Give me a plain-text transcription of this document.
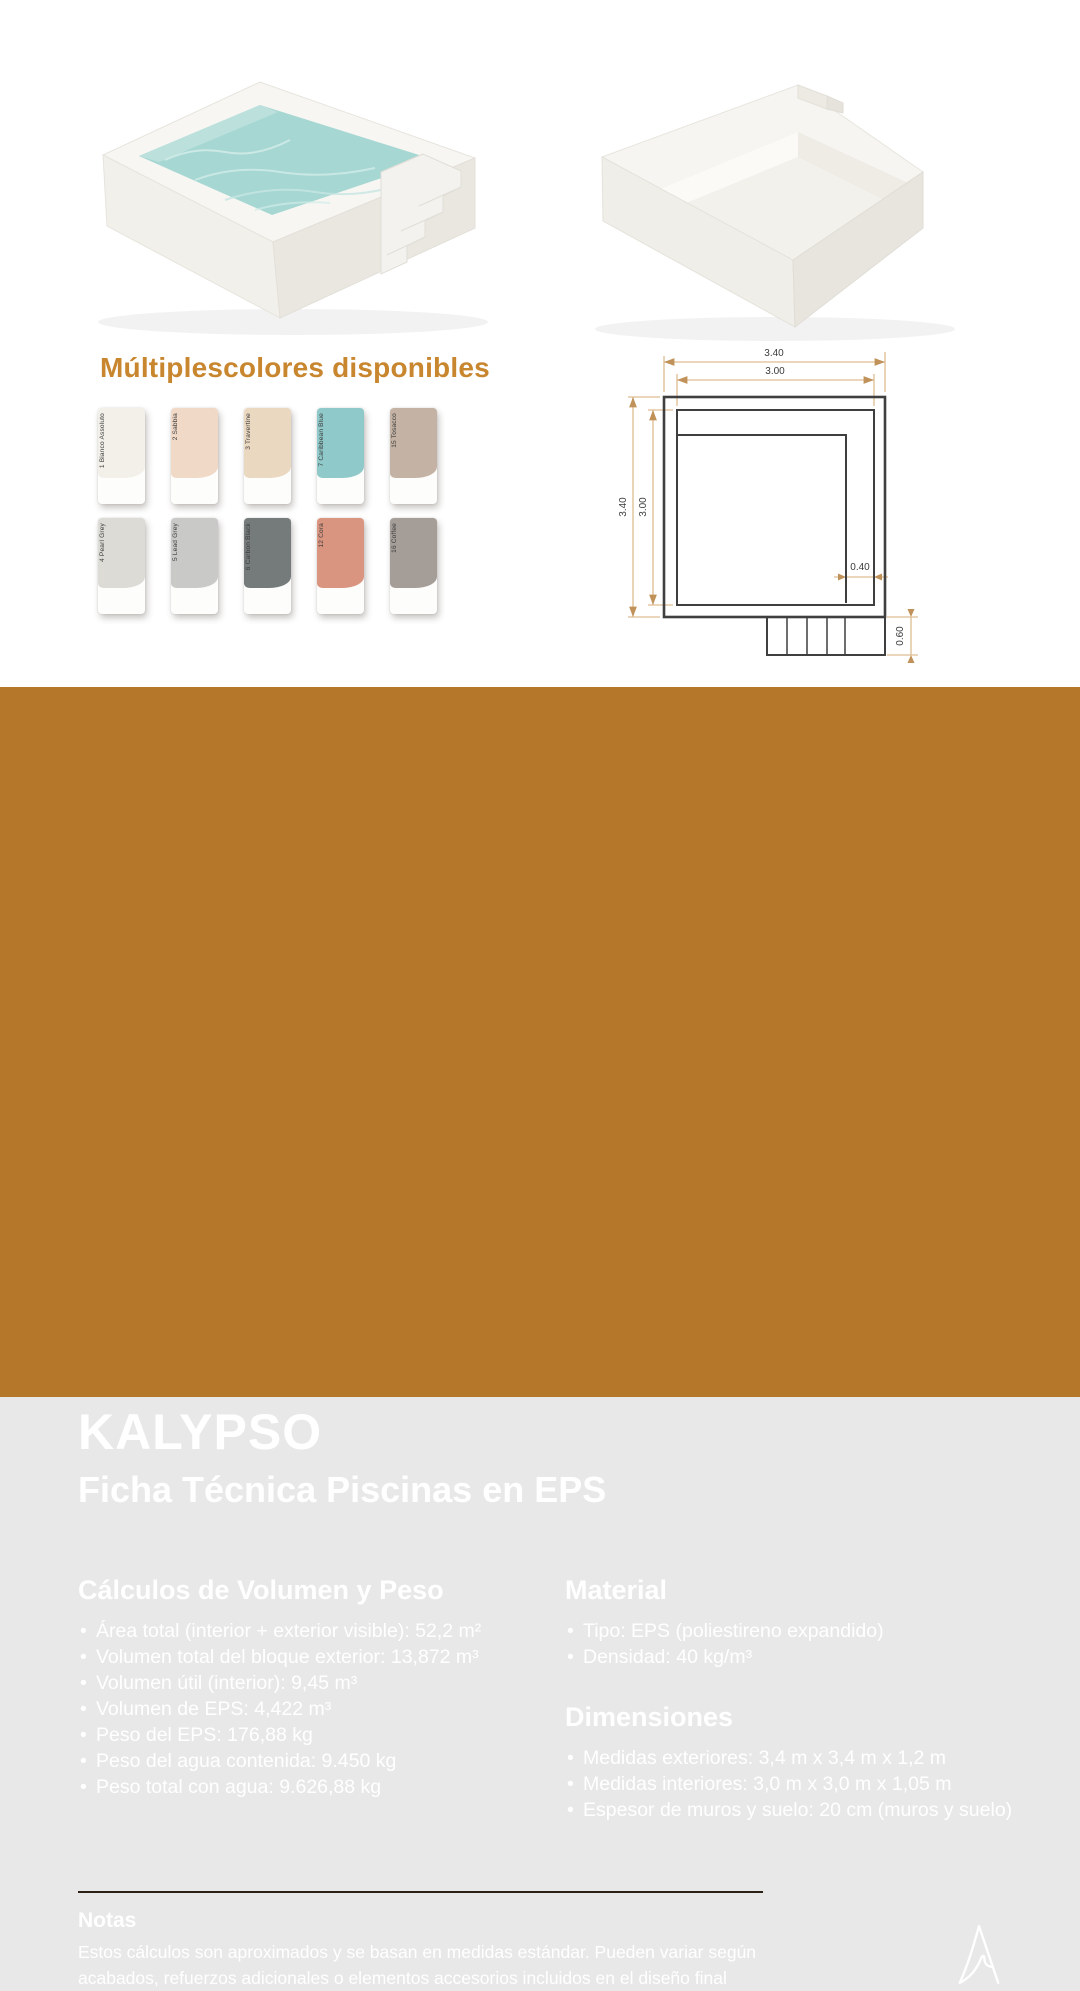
Múltiplescolores disponibles
1 Bianco Assoluto	2 Sabbia	3 Travertine	7 Caribbean Blue	15 Tosacco
4 Pearl Grey	5 Lead Grey	6 Carbon Black	12 Cora	16 Coffee
3.40
3.00
3.40 3.00
0.40
0.60
KALYPSO
Ficha Técnica Piscinas en EPS
Cálculos de Volumen y Peso
• Área total (interior + exterior visible): 52,2 m²
• Volumen total del bloque exterior: 13,872 m³
• Volumen útil (interior): 9,45 m³
• Volumen de EPS: 4,422 m³
• Peso del EPS: 176,88 kg
• Peso del agua contenida: 9.450 kg
• Peso total con agua: 9.626,88 kg
Material
• Tipo: EPS (poliestireno expandido)
• Densidad: 40 kg/m³
Dimensiones
• Medidas exteriores: 3,4 m x 3,4 m x 1,2 m
• Medidas interiores: 3,0 m x 3,0 m x 1,05 m
• Espesor de muros y suelo: 20 cm (muros y suelo)
Notas
Estos cálculos son aproximados y se basan en medidas estándar. Pueden variar según acabados, refuerzos adicionales o elementos accesorios incluidos en el diseño final
